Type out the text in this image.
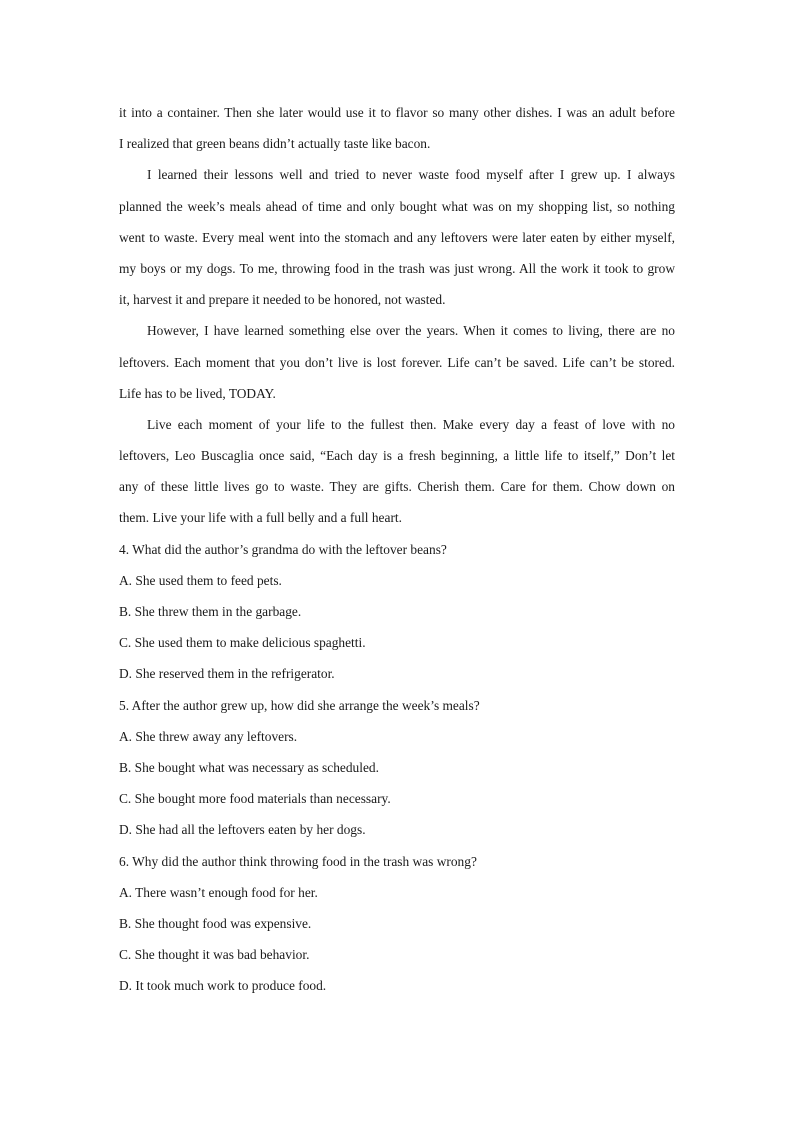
it into a container. Then she later would use it to flavor so many other dishes. I was an adult before
I realized that green beans didn’t actually taste like bacon.
I learned their lessons well and tried to never waste food myself after I grew up. I always
planned the week’s meals ahead of time and only bought what was on my shopping list, so nothing
went to waste. Every meal went into the stomach and any leftovers were later eaten by either myself,
my boys or my dogs. To me, throwing food in the trash was just wrong. All the work it took to grow
it, harvest it and prepare it needed to be honored, not wasted.
However, I have learned something else over the years. When it comes to living, there are no
leftovers. Each moment that you don’t live is lost forever. Life can’t be saved. Life can’t be stored.
Life has to be lived, TODAY.
Live each moment of your life to the fullest then. Make every day a feast of love with no
leftovers, Leo Buscaglia once said, “Each day is a fresh beginning, a little life to itself,” Don’t let
any of these little lives go to waste. They are gifts. Cherish them. Care for them. Chow down on
them. Live your life with a full belly and a full heart.
4. What did the author’s grandma do with the leftover beans?
A. She used them to feed pets.
B. She threw them in the garbage.
C. She used them to make delicious spaghetti.
D. She reserved them in the refrigerator.
5. After the author grew up, how did she arrange the week’s meals?
A. She threw away any leftovers.
B. She bought what was necessary as scheduled.
C. She bought more food materials than necessary.
D. She had all the leftovers eaten by her dogs.
6. Why did the author think throwing food in the trash was wrong?
A. There wasn’t enough food for her.
B. She thought food was expensive.
C. She thought it was bad behavior.
D. It took much work to produce food.
